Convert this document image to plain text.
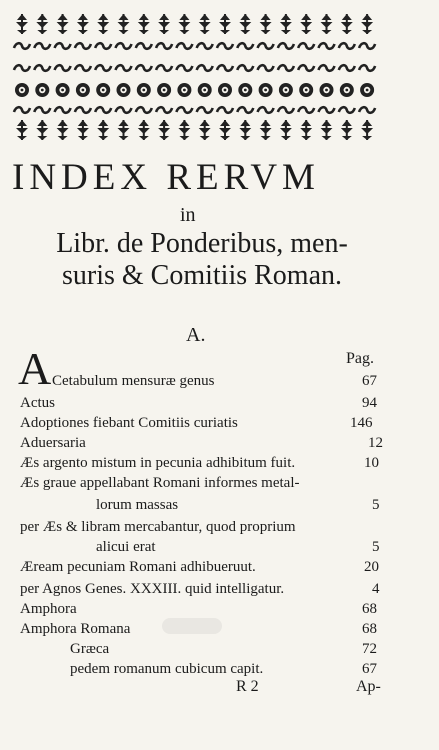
INDEX RERVM
in
Libr. de Ponderibus, men-
suris & Comitiis Roman.
A.
Pag.
A Cetabulum mensuræ genus	67
Actus	94
Adoptiones fiebant Comitiis curiatis	146
Aduersaria	12
Æs argento mistum in pecunia adhibitum fuit.	10
Æs graue appellabant Romani informes metal-
lorum massas	5
per Æs & libram mercabantur, quod proprium
alicui erat	5
Æream pecuniam Romani adhibueruut.	20
per Agnos Genes. XXXIII. quid intelligatur.	4
Amphora	68
Amphora Romana	68
Græca	72
pedem romanum cubicum capit.	67
R 2	Ap-
